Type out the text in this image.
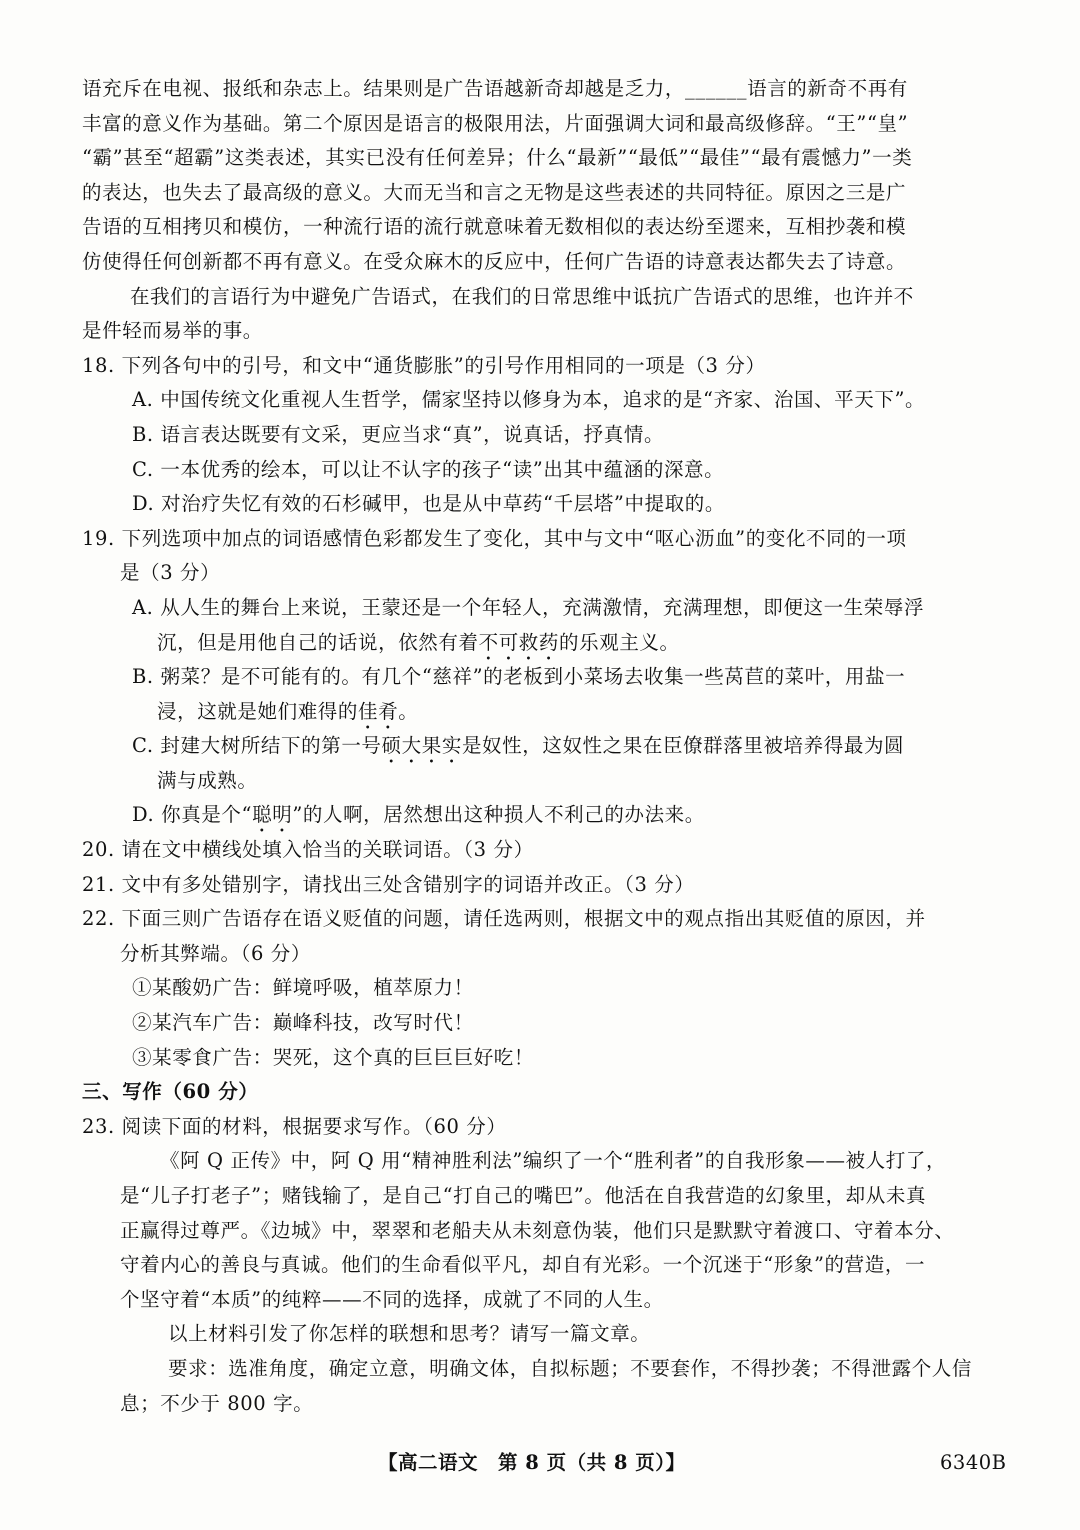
语充斥在电视、报纸和杂志上。结果则是广告语越新奇却越是乏力，______语言的新奇不再有
丰富的意义作为基础。第二个原因是语言的极限用法，片面强调大词和最高级修辞。“王”“皇”
“霸”甚至“超霸”这类表述，其实已没有任何差异；什么“最新”“最低”“最佳”“最有震憾力”一类
的表达，也失去了最高级的意义。大而无当和言之无物是这些表述的共同特征。原因之三是广
告语的互相拷贝和模仿，一种流行语的流行就意味着无数相似的表达纷至遝来，互相抄袭和模
仿使得任何创新都不再有意义。在受众麻木的反应中，任何广告语的诗意表达都失去了诗意。
在我们的言语行为中避免广告语式，在我们的日常思维中诋抗广告语式的思维，也许并不
是件轻而易举的事。
18. 下列各句中的引号，和文中“通货膨胀”的引号作用相同的一项是（3 分）
A. 中国传统文化重视人生哲学，儒家坚持以修身为本，追求的是“齐家、治国、平天下”。
B. 语言表达既要有文采，更应当求“真”，说真话，抒真情。
C. 一本优秀的绘本，可以让不认字的孩子“读”出其中蕴涵的深意。
D. 对治疗失忆有效的石杉碱甲，也是从中草药“千层塔”中提取的。
19. 下列选项中加点的词语感情色彩都发生了变化，其中与文中“呕心沥血”的变化不同的一项
是（3 分）
A. 从人生的舞台上来说，王蒙还是一个年轻人，充满激情，充满理想，即便这一生荣辱浮
沉，但是用他自己的话说，依然有着不可救药的乐观主义。
B. 粥菜？是不可能有的。有几个“慈祥”的老板到小菜场去收集一些莴苣的菜叶，用盐一
浸，这就是她们难得的佳肴。
C. 封建大树所结下的第一号硕大果实是奴性，这奴性之果在臣僚群落里被培养得最为圆
满与成熟。
D. 你真是个“聪明”的人啊，居然想出这种损人不利己的办法来。
20. 请在文中横线处填入恰当的关联词语。（3 分）
21. 文中有多处错别字，请找出三处含错别字的词语并改正。（3 分）
22. 下面三则广告语存在语义贬值的问题，请任选两则，根据文中的观点指出其贬值的原因，并
分析其弊端。（6 分）
①某酸奶广告：鲜境呼吸，植萃原力！
②某汽车广告：巅峰科技，改写时代！
③某零食广告：哭死，这个真的巨巨巨好吃！
三、写作（60 分）
23. 阅读下面的材料，根据要求写作。（60 分）
《阿 Q 正传》中，阿 Q 用“精神胜利法”编织了一个“胜利者”的自我形象——被人打了，
是“儿子打老子”；赌钱输了，是自己“打自己的嘴巴”。他活在自我营造的幻象里，却从未真
正赢得过尊严。《边城》中，翠翠和老船夫从未刻意伪装，他们只是默默守着渡口、守着本分、
守着内心的善良与真诚。他们的生命看似平凡，却自有光彩。一个沉迷于“形象”的营造，一
个坚守着“本质”的纯粹——不同的选择，成就了不同的人生。
以上材料引发了你怎样的联想和思考？请写一篇文章。
要求：选准角度，确定立意，明确文体，自拟标题；不要套作，不得抄袭；不得泄露个人信
息；不少于 800 字。
【高二语文　第 8 页（共 8 页）】	6340B
